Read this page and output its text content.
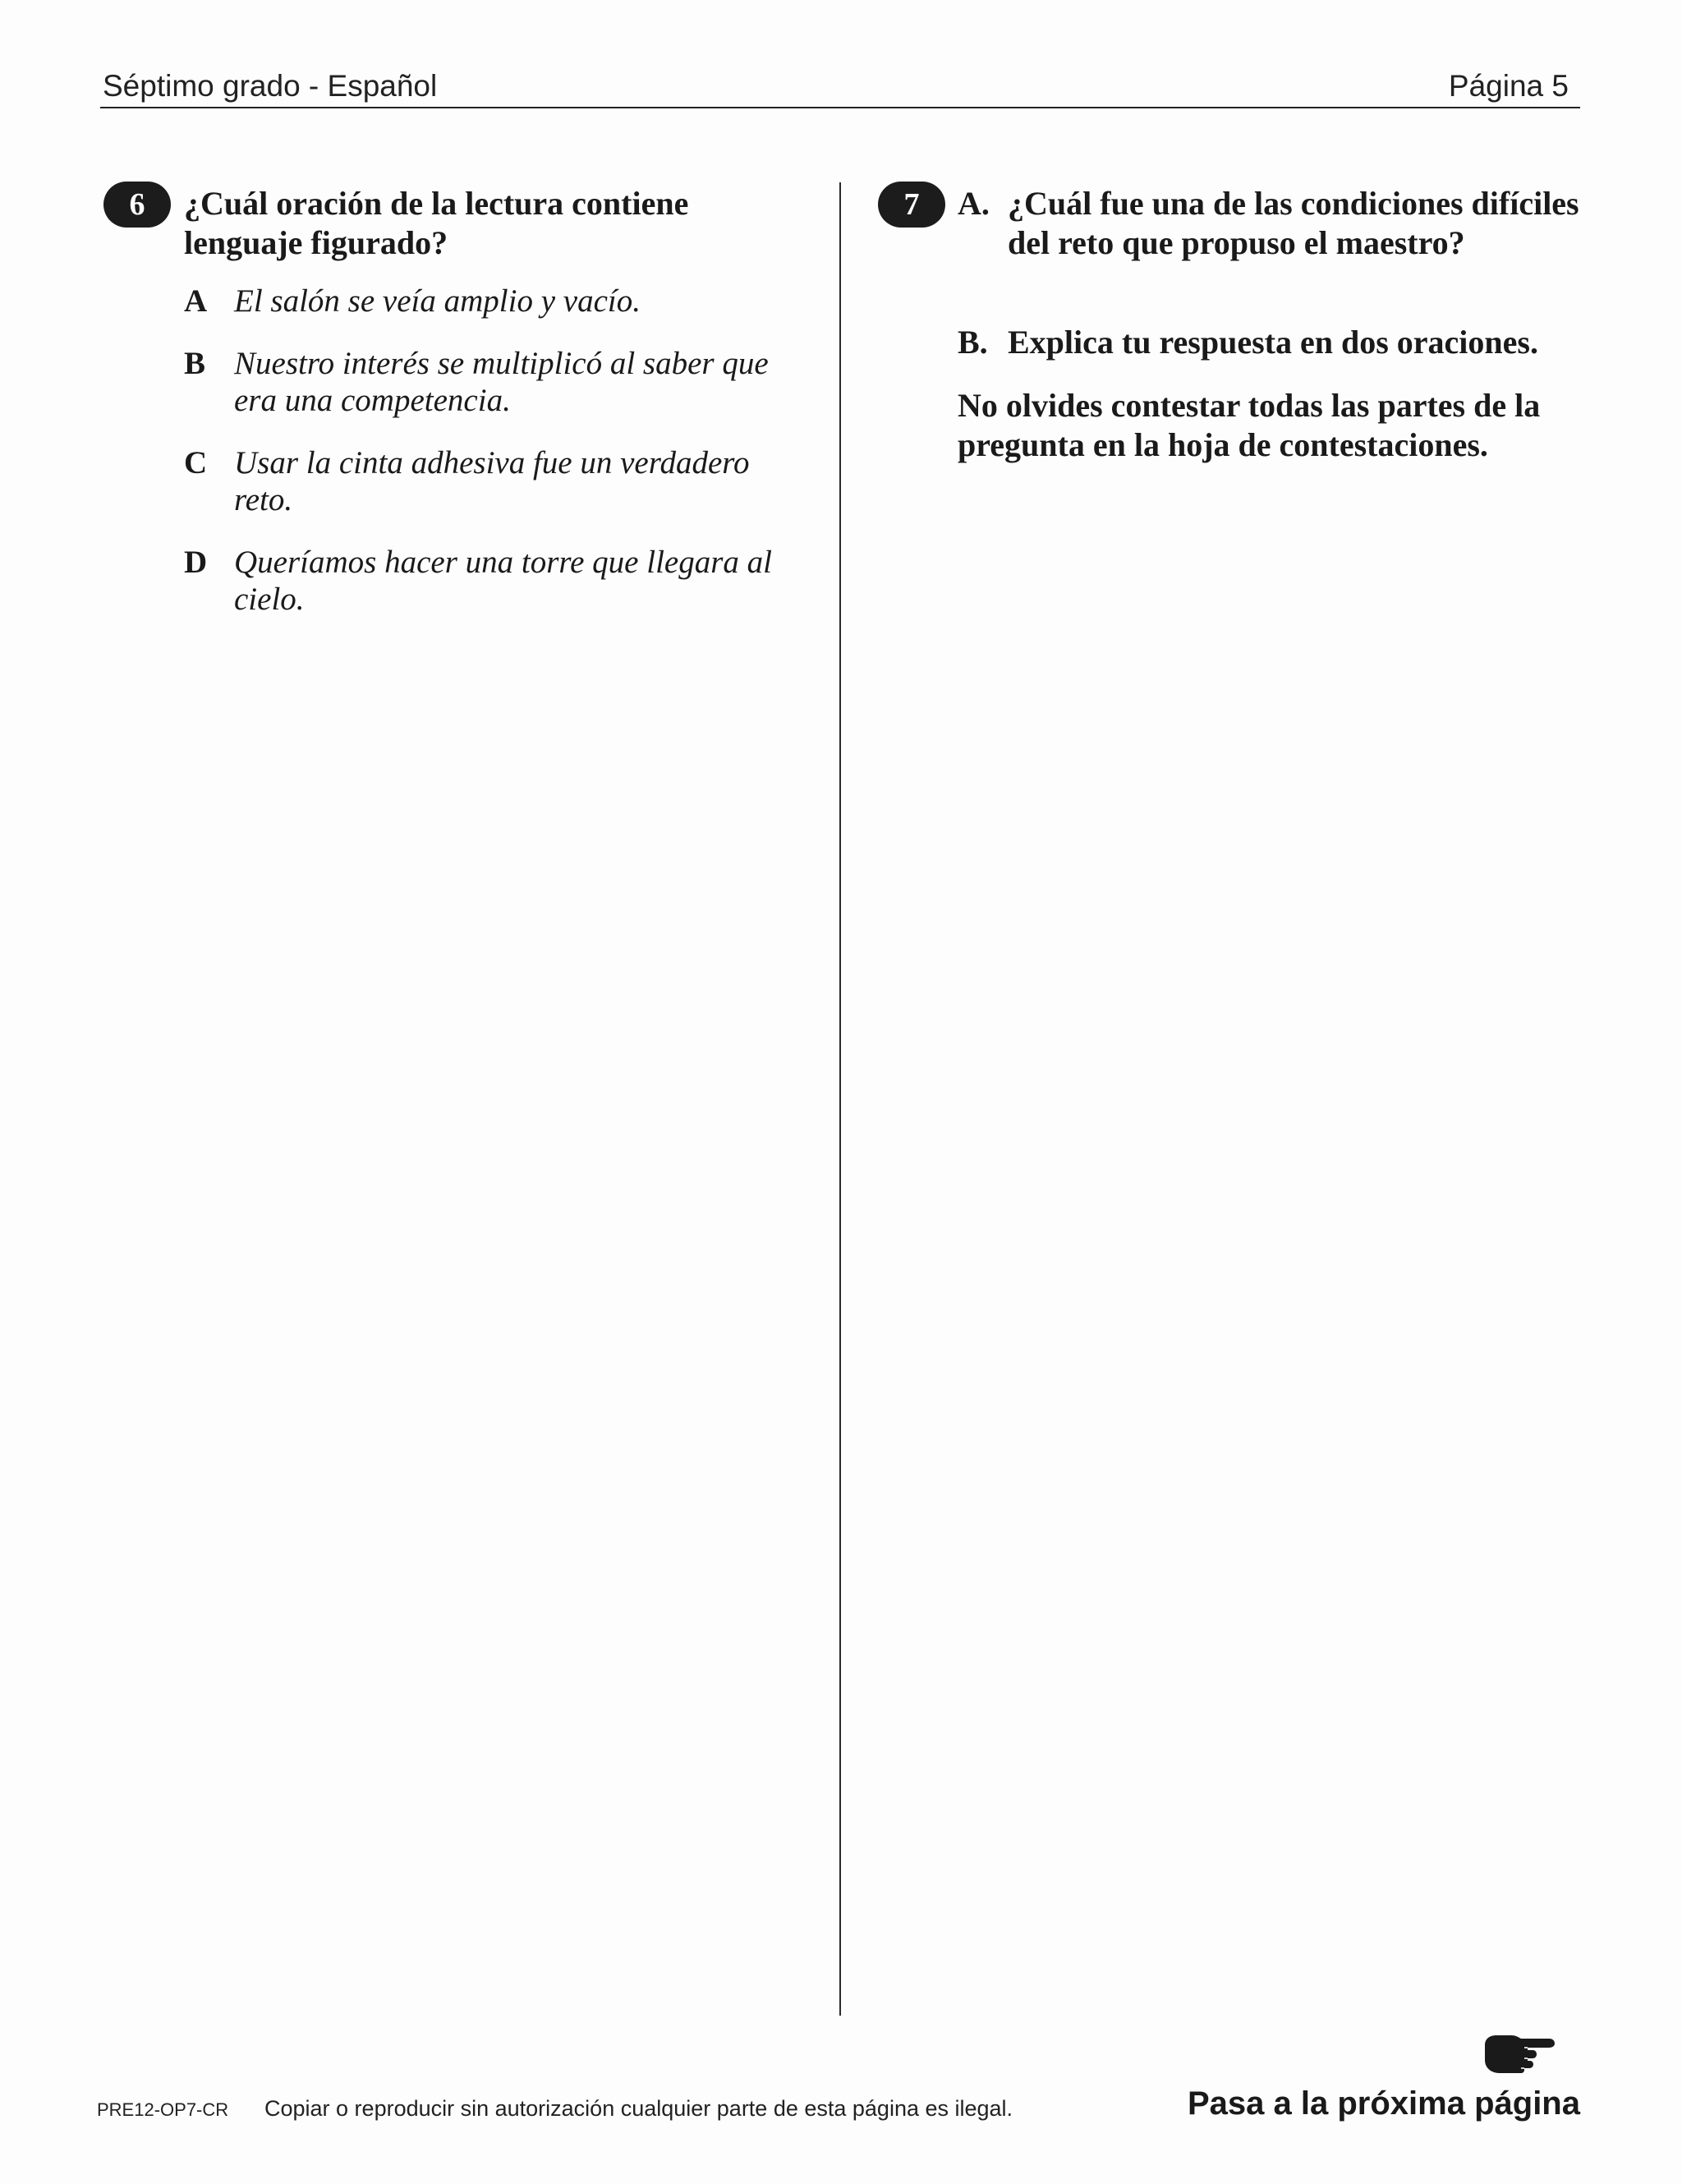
Séptimo grado - Español	Página 5
6	¿Cuál oración de la lectura contiene lenguaje figurado?
A El salón se veía amplio y vacío.
B Nuestro interés se multiplicó al saber que era una competencia.
C Usar la cinta adhesiva fue un verdadero reto.
D Queríamos hacer una torre que llegara al cielo.
7	A. ¿Cuál fue una de las condiciones difíciles del reto que propuso el maestro?
B. Explica tu respuesta en dos oraciones.
No olvides contestar todas las partes de la pregunta en la hoja de contestaciones.
PRE12-OP7-CR Copiar o reproducir sin autorización cualquier parte de esta página es ilegal.	Pasa a la próxima página
